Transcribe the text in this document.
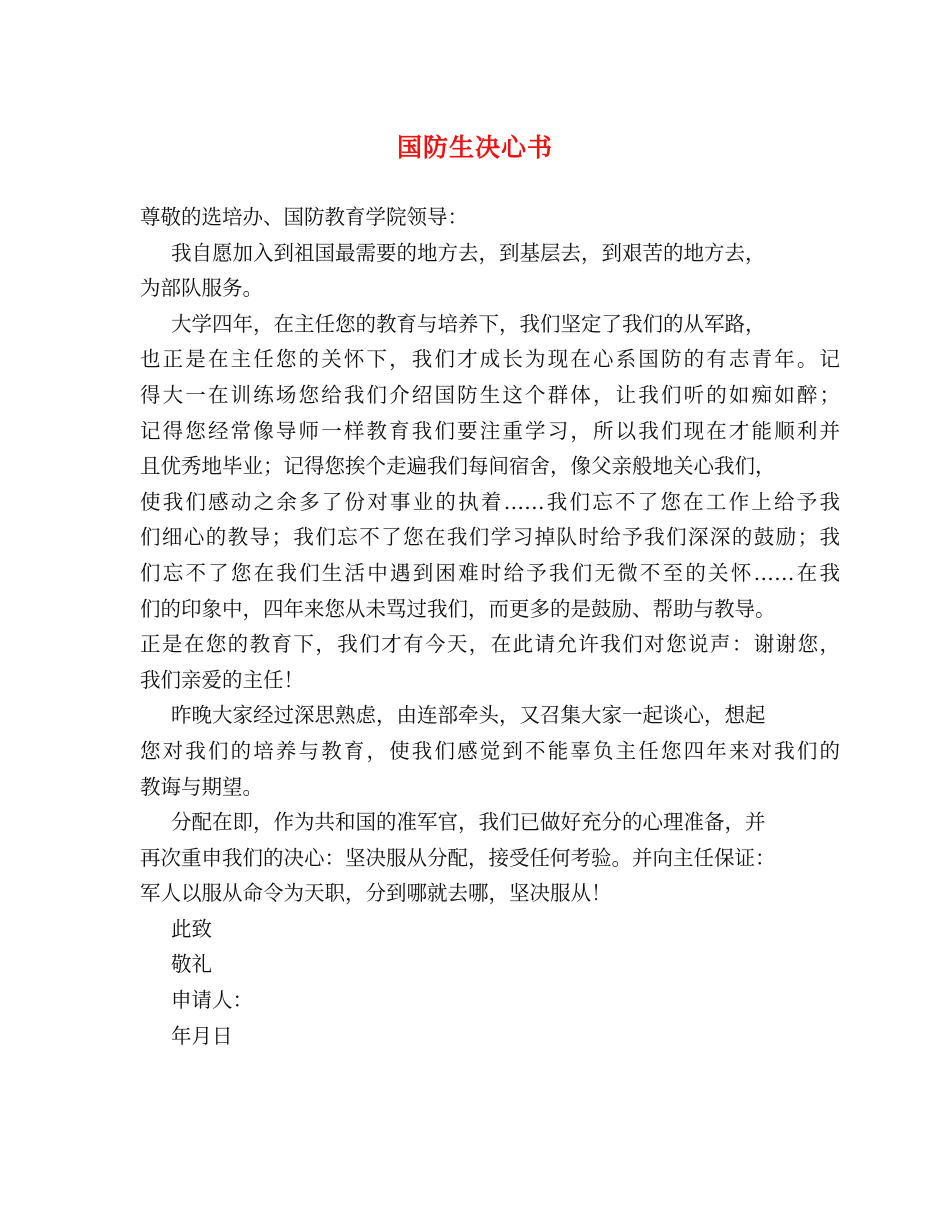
国防生决心书
尊敬的选培办、国防教育学院领导：
我自愿加入到祖国最需要的地方去，到基层去，到艰苦的地方去，
为部队服务。
大学四年，在主任您的教育与培养下，我们坚定了我们的从军路，
也正是在主任您的关怀下，我们才成长为现在心系国防的有志青年。记
得大一在训练场您给我们介绍国防生这个群体，让我们听的如痴如醉；
记得您经常像导师一样教育我们要注重学习，所以我们现在才能顺利并
且优秀地毕业；记得您挨个走遍我们每间宿舍，像父亲般地关心我们，
使我们感动之余多了份对事业的执着……我们忘不了您在工作上给予我
们细心的教导；我们忘不了您在我们学习掉队时给予我们深深的鼓励；我
们忘不了您在我们生活中遇到困难时给予我们无微不至的关怀……在我
们的印象中，四年来您从未骂过我们，而更多的是鼓励、帮助与教导。
正是在您的教育下，我们才有今天，在此请允许我们对您说声：谢谢您，
我们亲爱的主任！
昨晚大家经过深思熟虑，由连部牵头，又召集大家一起谈心，想起
您对我们的培养与教育，使我们感觉到不能辜负主任您四年来对我们的
教诲与期望。
分配在即，作为共和国的准军官，我们已做好充分的心理准备，并
再次重申我们的决心：坚决服从分配，接受任何考验。并向主任保证：
军人以服从命令为天职，分到哪就去哪，坚决服从！
此致
敬礼
申请人：
年月日
